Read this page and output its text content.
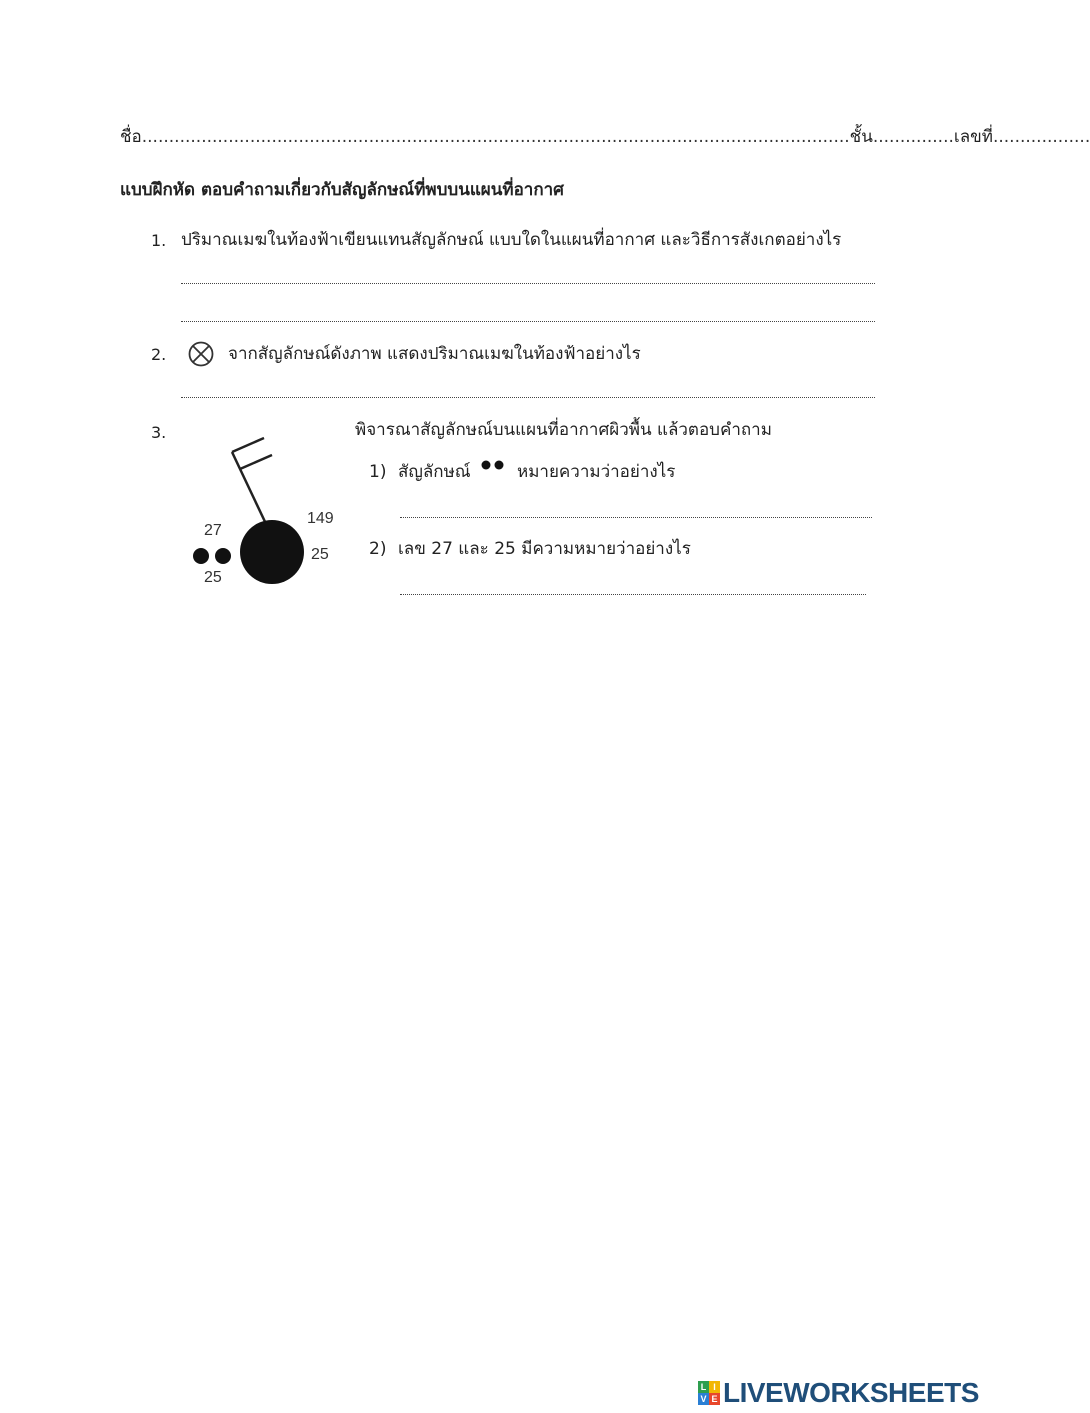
ชื่อ...................................................................................................................................ชั้น...............เลขที่..................
แบบฝึกหัด ตอบคำถามเกี่ยวกับสัญลักษณ์ที่พบบนแผนที่อากาศ
1. ปริมาณเมฆในท้องฟ้าเขียนแทนสัญลักษณ์ แบบใดในแผนที่อากาศ และวิธีการสังเกตอย่างไร
2.	จากสัญลักษณ์ดังภาพ แสดงปริมาณเมฆในท้องฟ้าอย่างไร
3.
27
25
149
25
พิจารณาสัญลักษณ์บนแผนที่อากาศผิวพื้น แล้วตอบคำถาม
1) สัญลักษณ์	หมายความว่าอย่างไร
2) เลข 27 และ 25 มีความหมายว่าอย่างไร
L I
V E LIVEWORKSHEETS
